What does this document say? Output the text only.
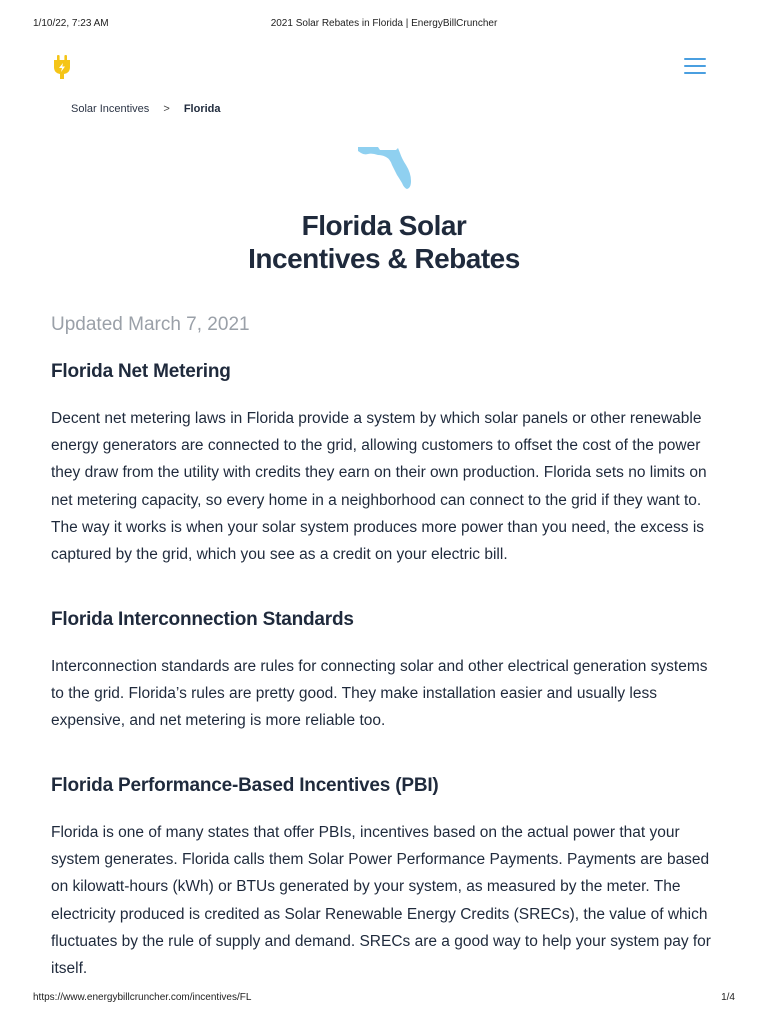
1/10/22, 7:23 AM	2021 Solar Rebates in Florida | EnergyBillCruncher
Solar Incentives > Florida
Florida Solar
Incentives & Rebates
Updated March 7, 2021
Florida Net Metering

Decent net metering laws in Florida provide a system by which solar panels or other renewable energy generators are connected to the grid, allowing customers to offset the cost of the power they draw from the utility with credits they earn on their own production. Florida sets no limits on net metering capacity, so every home in a neighborhood can connect to the grid if they want to. The way it works is when your solar system produces more power than you need, the excess is captured by the grid, which you see as a credit on your electric bill.

Florida Interconnection Standards

Interconnection standards are rules for connecting solar and other electrical generation systems to the grid. Florida’s rules are pretty good. They make installation easier and usually less expensive, and net metering is more reliable too.

Florida Performance-Based Incentives (PBI)

Florida is one of many states that offer PBIs, incentives based on the actual power that your system generates. Florida calls them Solar Power Performance Payments. Payments are based on kilowatt-hours (kWh) or BTUs generated by your system, as measured by the meter. The electricity produced is credited as Solar Renewable Energy Credits (SRECs), the value of which fluctuates by the rule of supply and demand. SRECs are a good way to help your system pay for itself.

https://www.energybillcruncher.com/incentives/FL	1/4
